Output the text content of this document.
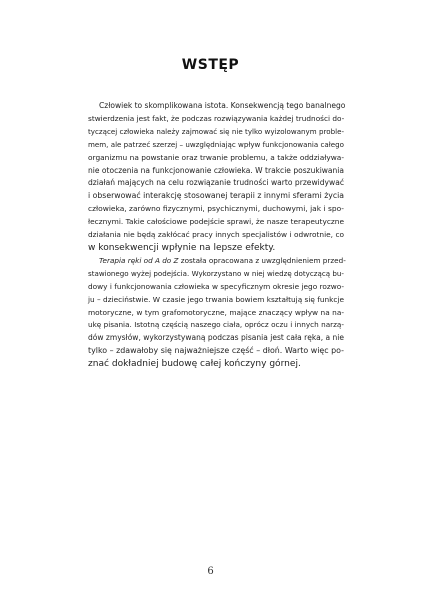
WSTĘP
Człowiek to skomplikowana istota. Konsekwencją tego banalnego
stwierdzenia jest fakt, że podczas rozwiązywania każdej trudności do-
tyczącej człowieka należy zajmować się nie tylko wyizolowanym proble-
mem, ale patrzeć szerzej – uwzględniając wpływ funkcjonowania całego
organizmu na powstanie oraz trwanie problemu, a także oddziaływa-
nie otoczenia na funkcjonowanie człowieka. W trakcie poszukiwania
działań mających na celu rozwiązanie trudności warto przewidywać
i obserwować interakcję stosowanej terapii z innymi sferami życia
człowieka, zarówno fizycznymi, psychicznymi, duchowymi, jak i spo-
łecznymi. Takie całościowe podejście sprawi, że nasze terapeutyczne
działania nie będą zakłócać pracy innych specjalistów i odwrotnie, co
w konsekwencji wpłynie na lepsze efekty.
Terapia ręki od A do Z została opracowana z uwzględnieniem przed-
stawionego wyżej podejścia. Wykorzystano w niej wiedzę dotyczącą bu-
dowy i funkcjonowania człowieka w specyficznym okresie jego rozwo-
ju – dzieciństwie. W czasie jego trwania bowiem kształtują się funkcje
motoryczne, w tym grafomotoryczne, mające znaczący wpływ na na-
ukę pisania. Istotną częścią naszego ciała, oprócz oczu i innych narzą-
dów zmysłów, wykorzystywaną podczas pisania jest cała ręka, a nie
tylko – zdawałoby się najważniejsze część – dłoń. Warto więc po-
znać dokładniej budowę całej kończyny górnej.
6
